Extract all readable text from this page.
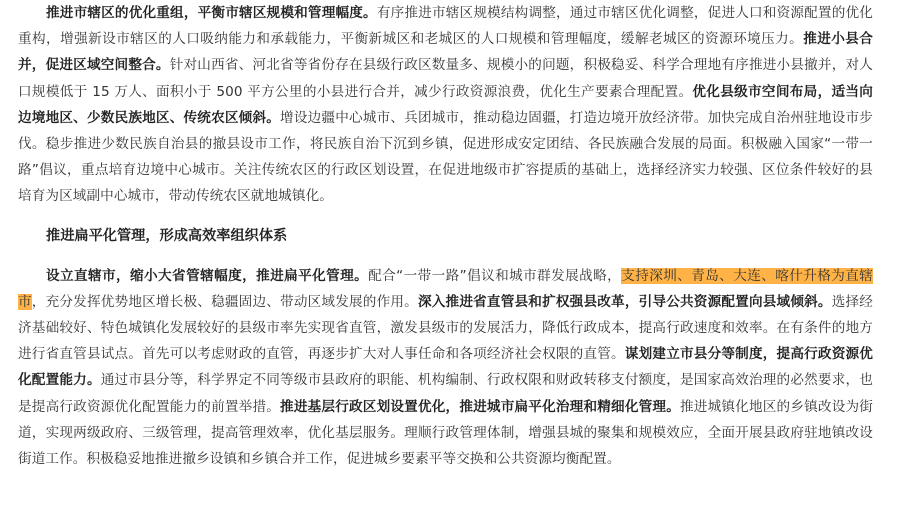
推进市辖区的优化重组，平衡市辖区规模和管理幅度。有序推进市辖区规模结构调整，通过市辖区优化调整，促进人口和资源配置的优化重构，增强新设市辖区的人口吸纳能力和承载能力，平衡新城区和老城区的人口规模和管理幅度，缓解老城区的资源环境压力。推进小县合并，促进区域空间整合。针对山西省、河北省等省份存在县级行政区数量多、规模小的问题，积极稳妥、科学合理地有序推进小县撤并，对人口规模低于 15 万人、面积小于 500 平方公里的小县进行合并，减少行政资源浪费，优化生产要素合理配置。优化县级市空间布局，适当向边境地区、少数民族地区、传统农区倾斜。增设边疆中心城市、兵团城市，推动稳边固疆，打造边境开放经济带。加快完成自治州驻地设市步伐。稳步推进少数民族自治县的撤县设市工作，将民族自治下沉到乡镇，促进形成安定团结、各民族融合发展的局面。积极融入国家“一带一路”倡议，重点培育边境中心城市。关注传统农区的行政区划设置，在促进地级市扩容提质的基础上，选择经济实力较强、区位条件较好的县培育为区域副中心城市，带动传统农区就地城镇化。

推进扁平化管理，形成高效率组织体系

设立直辖市，缩小大省管辖幅度，推进扁平化管理。配合“一带一路”倡议和城市群发展战略，支持深圳、青岛、大连、喀什升格为直辖市，充分发挥优势地区增长极、稳疆固边、带动区域发展的作用。深入推进省直管县和扩权强县改革，引导公共资源配置向县域倾斜。选择经济基础较好、特色城镇化发展较好的县级市率先实现省直管，激发县级市的发展活力，降低行政成本，提高行政速度和效率。在有条件的地方进行省直管县试点。首先可以考虑财政的直管，再逐步扩大对人事任命和各项经济社会权限的直管。谋划建立市县分等制度，提高行政资源优化配置能力。通过市县分等，科学界定不同等级市县政府的职能、机构编制、行政权限和财政转移支付额度，是国家高效治理的必然要求，也是提高行政资源优化配置能力的前置举措。推进基层行政区划设置优化，推进城市扁平化治理和精细化管理。推进城镇化地区的乡镇改设为街道，实现两级政府、三级管理，提高管理效率，优化基层服务。理顺行政管理体制，增强县城的聚集和规模效应，全面开展县政府驻地镇改设街道工作。积极稳妥地推进撤乡设镇和乡镇合并工作，促进城乡要素平等交换和公共资源均衡配置。
